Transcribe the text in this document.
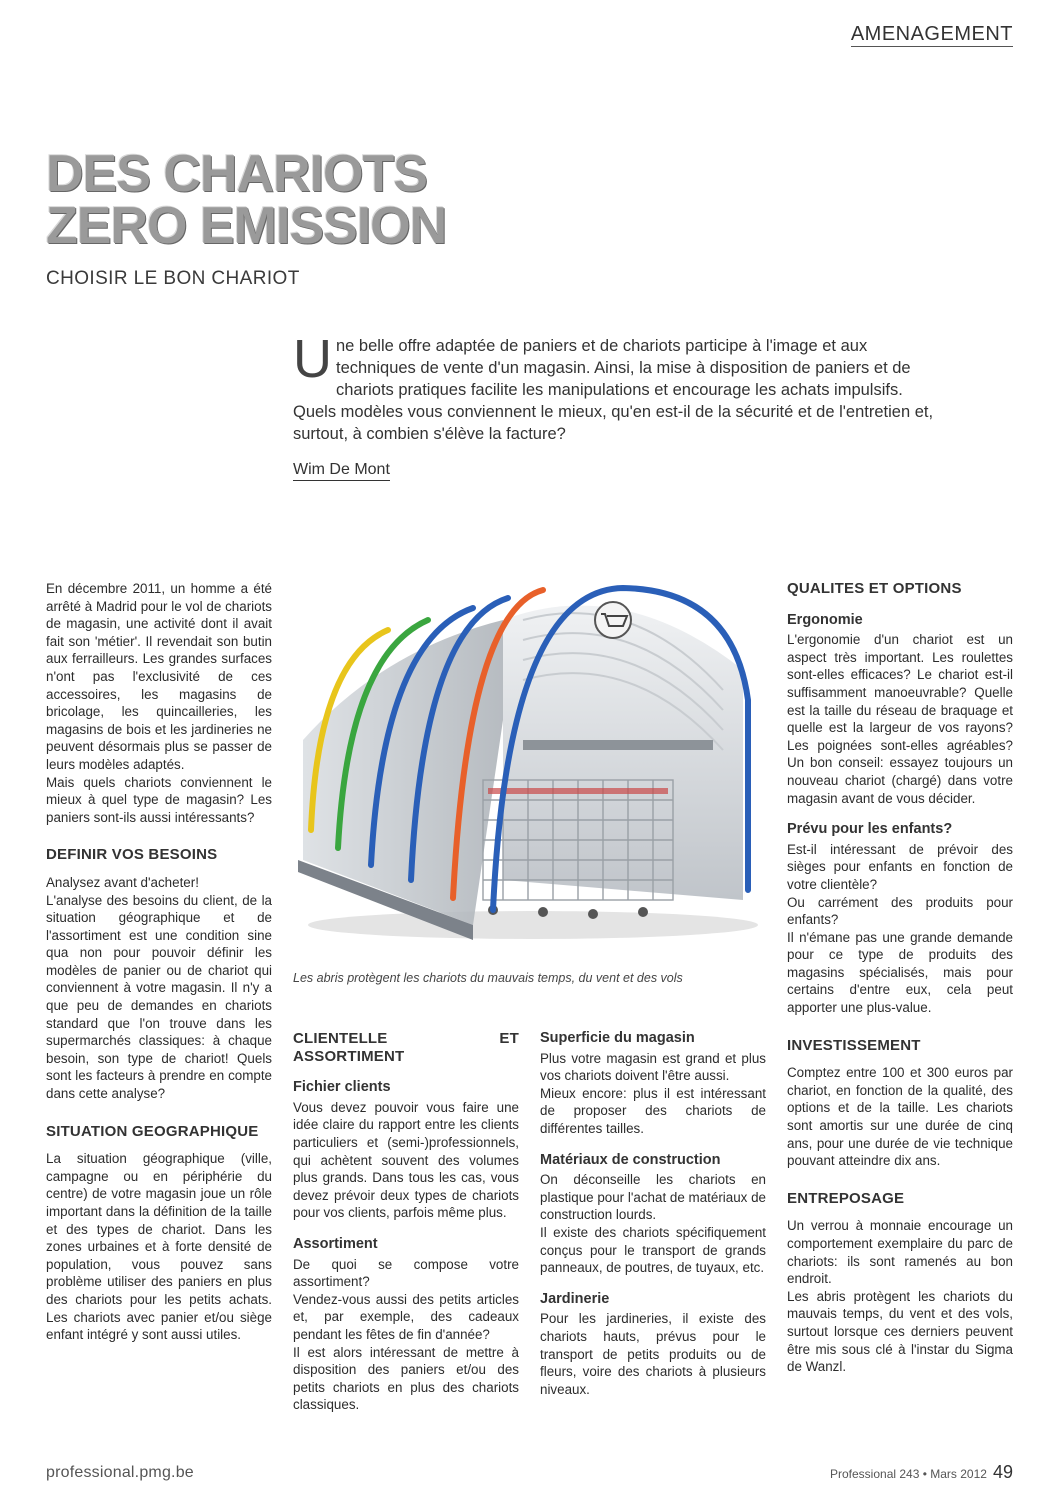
AMENAGEMENT
DES CHARIOTS
ZERO EMISSION
CHOISIR LE BON CHARIOT
Une belle offre adaptée de paniers et de chariots participe à l'image et aux techniques de vente d'un magasin. Ainsi, la mise à disposition de paniers et de chariots pratiques facilite les manipulations et encourage les achats impulsifs. Quels modèles vous conviennent le mieux, qu'en est-il de la sécurité et de l'entretien et, surtout, à combien s'élève la facture?
Wim De Mont

En décembre 2011, un homme a été arrêté à Madrid pour le vol de chariots de magasin, une activité dont il avait fait son 'métier'. Il revendait son butin aux ferrailleurs. Les grandes surfaces n'ont pas l'exclusivité de ces accessoires, les magasins de bricolage, les quincailleries, les magasins de bois et les jardineries ne peuvent désormais plus se passer de leurs modèles adaptés.

Mais quels chariots conviennent le mieux à quel type de magasin? Les paniers sont-ils aussi intéressants?

DEFINIR VOS BESOINS

Analysez avant d'acheter!

L'analyse des besoins du client, de la situation géographique et de l'assortiment est une condition sine qua non pour pouvoir définir les modèles de panier ou de chariot qui conviennent à votre magasin. Il n'y a que peu de demandes en chariots standard que l'on trouve dans les supermarchés classiques: à chaque besoin, son type de chariot! Quels sont les facteurs à prendre en compte dans cette analyse?

SITUATION GEOGRAPHIQUE

La situation géographique (ville, campagne ou en périphérie du centre) de votre magasin joue un rôle important dans la définition de la taille et des types de chariot. Dans les zones urbaines et à forte densité de population, vous pouvez sans problème utiliser des paniers en plus des chariots pour les petits achats. Les chariots avec panier et/ou siège enfant intégré y sont aussi utiles.

Les abris protègent les chariots du mauvais temps, du vent et des vols
CLIENTELLE ET ASSORTIMENT
Fichier clients

Vous devez pouvoir vous faire une idée claire du rapport entre les clients particuliers et (semi-)professionnels, qui achètent souvent des volumes plus grands. Dans tous les cas, vous devez prévoir deux types de chariots pour vos clients, parfois même plus.

Assortiment

De quoi se compose votre assortiment?

Vendez-vous aussi des petits articles et, par exemple, des cadeaux pendant les fêtes de fin d'année?

Il est alors intéressant de mettre à disposition des paniers et/ou des petits chariots en plus des chariots classiques.

Superficie du magasin

Plus votre magasin est grand et plus vos chariots doivent l'être aussi.

Mieux encore: plus il est intéressant de proposer des chariots de différentes tailles.

Matériaux de construction

On déconseille les chariots en plastique pour l'achat de matériaux de construction lourds.

Il existe des chariots spécifiquement conçus pour le transport de grands panneaux, de poutres, de tuyaux, etc.

Jardinerie

Pour les jardineries, il existe des chariots hauts, prévus pour le transport de petits produits ou de fleurs, voire des chariots à plusieurs niveaux.

QUALITES ET OPTIONS
Ergonomie

L'ergonomie d'un chariot est un aspect très important. Les roulettes sont-elles efficaces? Le chariot est-il suffisamment manoeuvrable? Quelle est la taille du réseau de braquage et quelle est la largeur de vos rayons? Les poignées sont-elles agréables? Un bon conseil: essayez toujours un nouveau chariot (chargé) dans votre magasin avant de vous décider.

Prévu pour les enfants?

Est-il intéressant de prévoir des sièges pour enfants en fonction de votre clientèle?

Ou carrément des produits pour enfants?

Il n'émane pas une grande demande pour ce type de produits des magasins spécialisés, mais pour certains d'entre eux, cela peut apporter une plus-value.

INVESTISSEMENT

Comptez entre 100 et 300 euros par chariot, en fonction de la qualité, des options et de la taille. Les chariots sont amortis sur une durée de cinq ans, pour une durée de vie technique pouvant atteindre dix ans.

ENTREPOSAGE

Un verrou à monnaie encourage un comportement exemplaire du parc de chariots: ils sont ramenés au bon endroit.

Les abris protègent les chariots du mauvais temps, du vent et des vols, surtout lorsque ces derniers peuvent être mis sous clé à l'instar du Sigma de Wanzl.

professional.pmg.be	Professional 243 • Mars 2012 49
